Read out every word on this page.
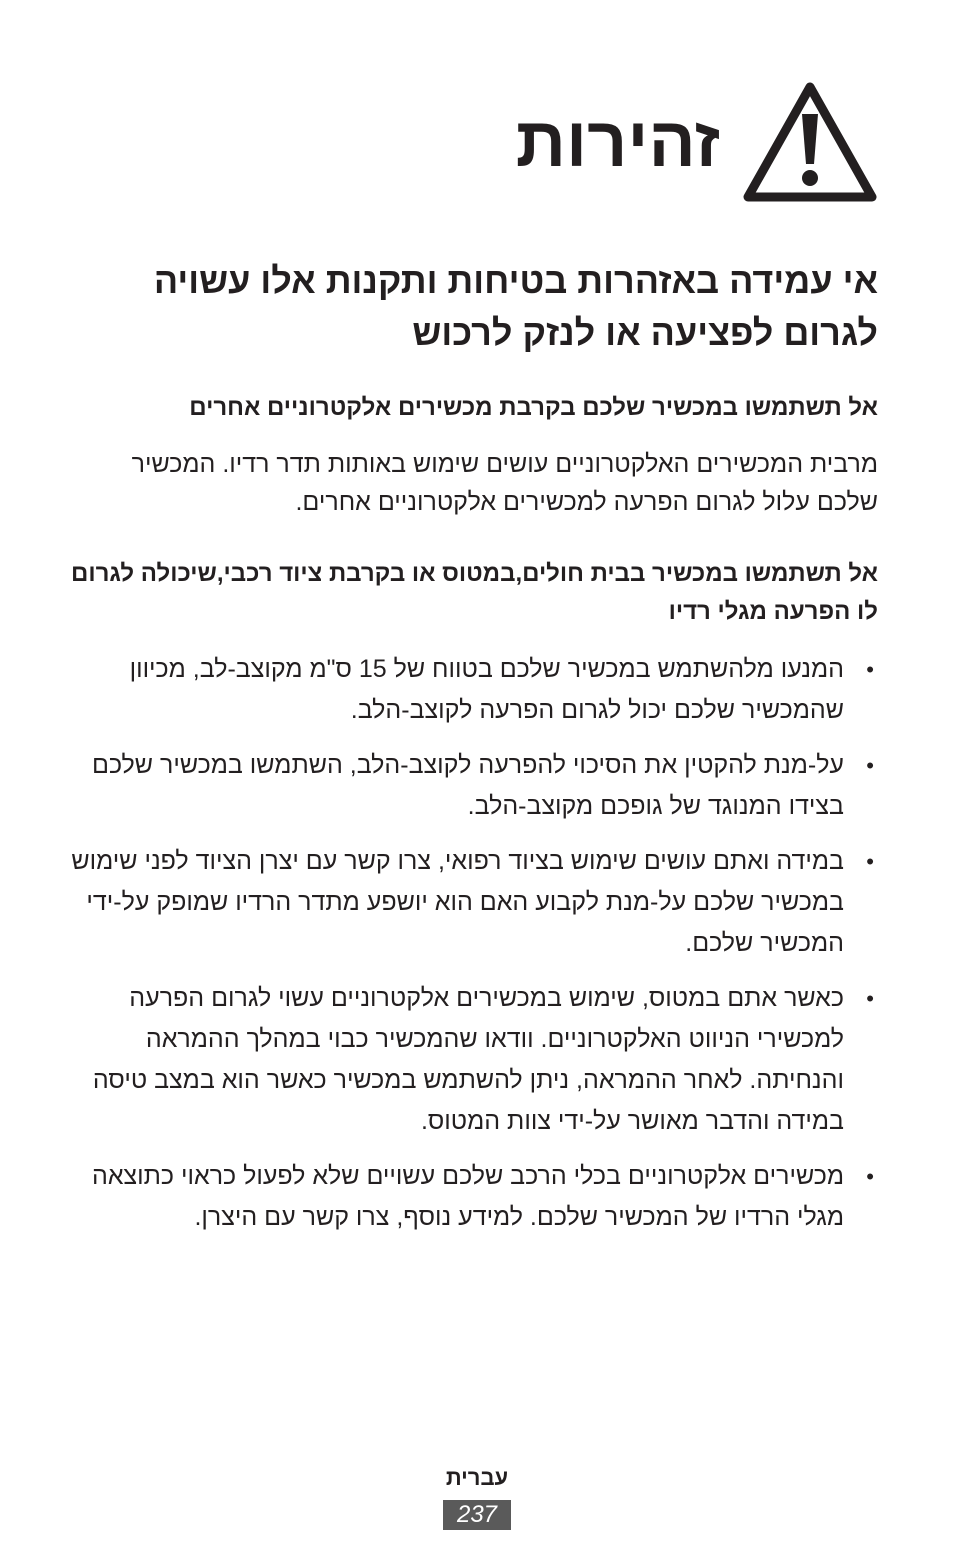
זהירות
אי עמידה באזהרות בטיחות ותקנות אלו עשויה לגרום לפציעה או לנזק לרכוש
אל תשתמשו במכשיר שלכם בקרבת מכשירים אלקטרוניים אחרים
מרבית המכשירים האלקטרוניים עושים שימוש באותות תדר רדיו. המכשיר שלכם עלול לגרום הפרעה למכשירים אלקטרוניים אחרים.
אל תשתמשו במכשיר בבית חולים,במטוס או בקרבת ציוד רכבי,שיכולה לגרום לו הפרעה מגלי רדיו
•
המנעו מלהשתמש במכשיר שלכם בטווח של 15 ס"מ מקוצב-לב, מכיוון שהמכשיר שלכם יכול לגרום הפרעה לקוצב-הלב.
•
על-מנת להקטין את הסיכוי להפרעה לקוצב-הלב, השתמשו במכשיר שלכם בצידו המנוגד של גופכם מקוצב-הלב.
•
במידה ואתם עושים שימוש בציוד רפואי, צרו קשר עם יצרן הציוד לפני שימוש במכשיר שלכם על-מנת לקבוע האם הוא יושפע מתדר הרדיו שמופק על-ידי המכשיר שלכם.
•
כאשר אתם במטוס, שימוש במכשירים אלקטרוניים עשוי לגרום הפרעה למכשירי הניווט האלקטרוניים. וודאו שהמכשיר כבוי במהלך ההמראה והנחיתה. לאחר ההמראה, ניתן להשתמש במכשיר כאשר הוא במצב טיסה במידה והדבר מאושר על-ידי צוות המטוס.
•
מכשירים אלקטרוניים בכלי הרכב שלכם עשויים שלא לפעול כראוי כתוצאה מגלי הרדיו של המכשיר שלכם. למידע נוסף, צרו קשר עם היצרן.
עברית
237
